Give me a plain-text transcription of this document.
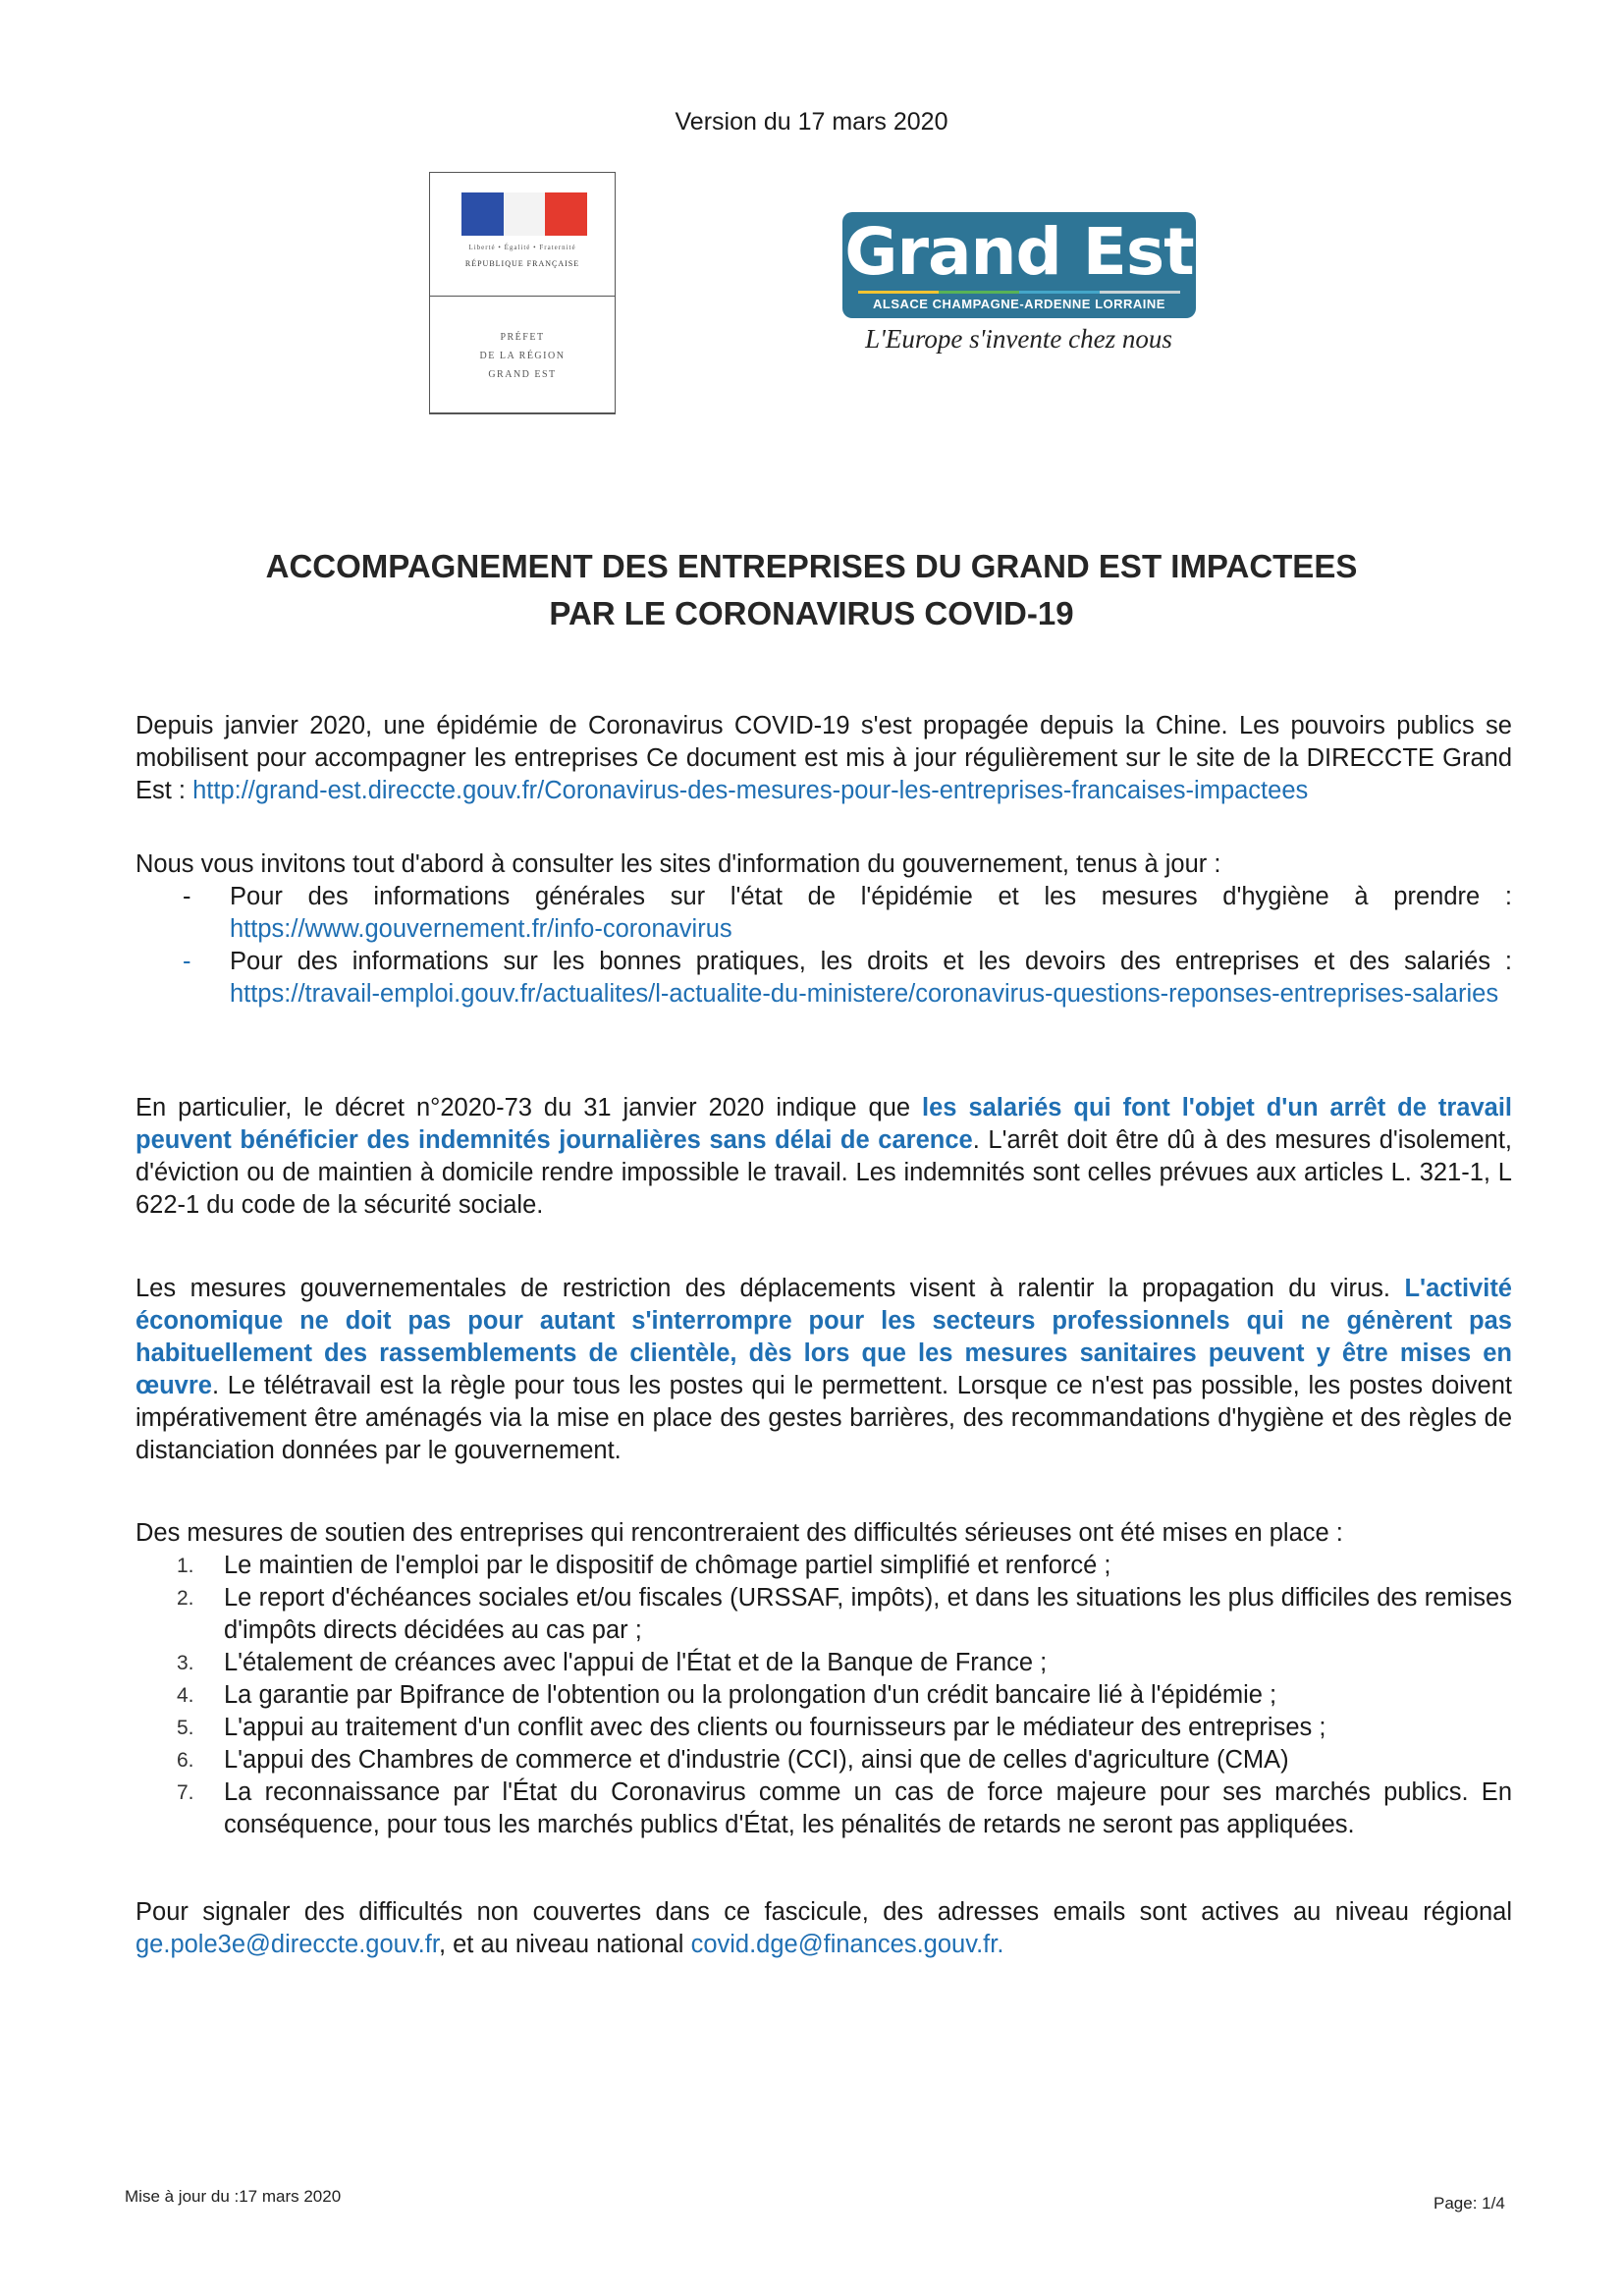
Version du 17 mars 2020
Liberté • Égalité • Fraternité
RÉPUBLIQUE FRANÇAISE
PRÉFET
DE LA RÉGION
GRAND EST
Grand Est
ALSACE CHAMPAGNE-ARDENNE LORRAINE
L'Europe s'invente chez nous
ACCOMPAGNEMENT DES ENTREPRISES DU GRAND EST IMPACTEES
PAR LE CORONAVIRUS COVID-19

Depuis janvier 2020, une épidémie de Coronavirus COVID-19 s'est propagée depuis la Chine. Les pouvoirs publics se mobilisent pour accompagner les entreprises Ce document est mis à jour régulièrement sur le site de la DIRECCTE Grand Est : http://grand-est.direccte.gouv.fr/Coronavirus-des-mesures-pour-les-entreprises-francaises-impactees

Nous vous invitons tout d'abord à consulter les sites d'information du gouvernement, tenus à jour :

- Pour des informations générales sur l'état de l'épidémie et les mesures d'hygiène à prendre : https://www.gouvernement.fr/info-coronavirus
- Pour des informations sur les bonnes pratiques, les droits et les devoirs des entreprises et des salariés : https://travail-emploi.gouv.fr/actualites/l-actualite-du-ministere/coronavirus-questions-reponses-entreprises-salaries

En particulier, le décret n°2020-73 du 31 janvier 2020 indique que les salariés qui font l'objet d'un arrêt de travail peuvent bénéficier des indemnités journalières sans délai de carence. L'arrêt doit être dû à des mesures d'isolement, d'éviction ou de maintien à domicile rendre impossible le travail. Les indemnités sont celles prévues aux articles L. 321-1, L 622-1 du code de la sécurité sociale.

Les mesures gouvernementales de restriction des déplacements visent à ralentir la propagation du virus. L'activité économique ne doit pas pour autant s'interrompre pour les secteurs professionnels qui ne génèrent pas habituellement des rassemblements de clientèle, dès lors que les mesures sanitaires peuvent y être mises en œuvre. Le télétravail est la règle pour tous les postes qui le permettent. Lorsque ce n'est pas possible, les postes doivent impérativement être aménagés via la mise en place des gestes barrières, des recommandations d'hygiène et des règles de distanciation données par le gouvernement.

Des mesures de soutien des entreprises qui rencontreraient des difficultés sérieuses ont été mises en place :

1. Le maintien de l'emploi par le dispositif de chômage partiel simplifié et renforcé ;
2. Le report d'échéances sociales et/ou fiscales (URSSAF, impôts), et dans les situations les plus difficiles des remises d'impôts directs décidées au cas par ;
3. L'étalement de créances avec l'appui de l'État et de la Banque de France ;
4. La garantie par Bpifrance de l'obtention ou la prolongation d'un crédit bancaire lié à l'épidémie ;
5. L'appui au traitement d'un conflit avec des clients ou fournisseurs par le médiateur des entreprises ;
6. L'appui des Chambres de commerce et d'industrie (CCI), ainsi que de celles d'agriculture (CMA)
7. La reconnaissance par l'État du Coronavirus comme un cas de force majeure pour ses marchés publics. En conséquence, pour tous les marchés publics d'État, les pénalités de retards ne seront pas appliquées.

Pour signaler des difficultés non couvertes dans ce fascicule, des adresses emails sont actives au niveau régional ge.pole3e@direccte.gouv.fr, et au niveau national covid.dge@finances.gouv.fr.

Mise à jour du :17 mars 2020	Page: 1/4
